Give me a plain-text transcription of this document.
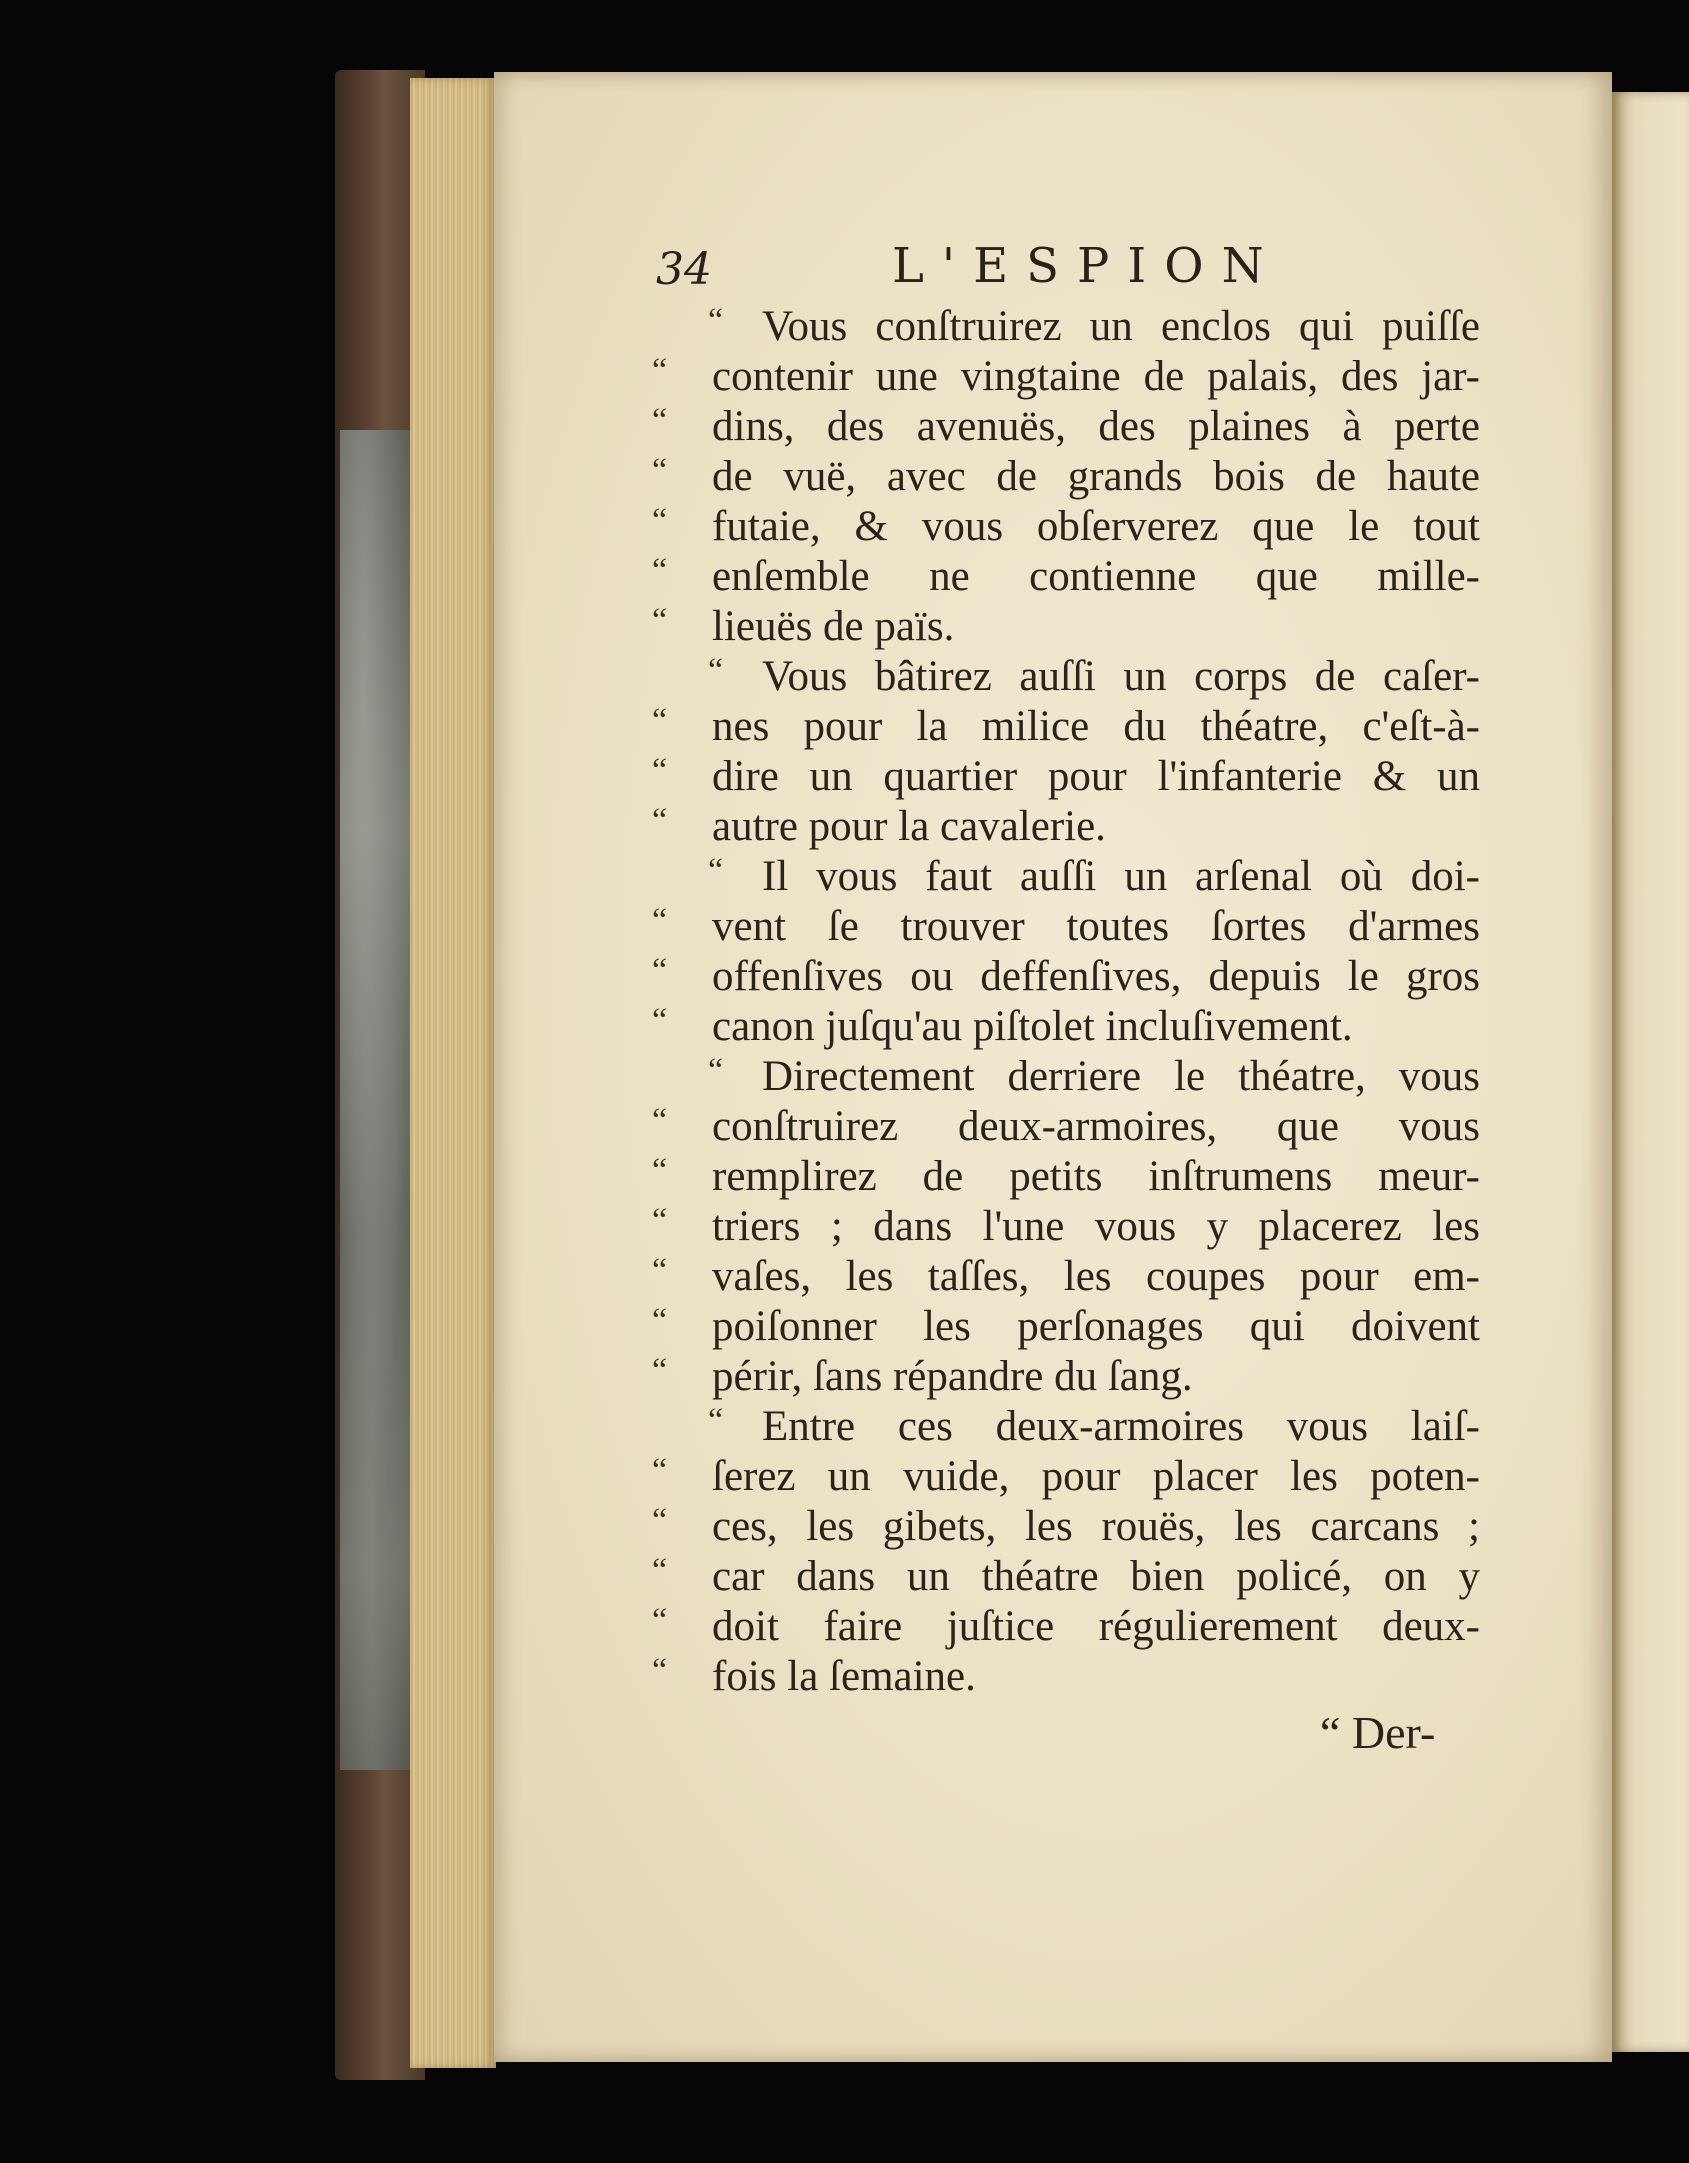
34	L'ESPION
“ Vous conſtruirez un enclos qui puiſſe
“ contenir une vingtaine de palais, des jar-
“ dins, des avenuës, des plaines à perte
“ de vuë, avec de grands bois de haute
“ futaie, & vous obſerverez que le tout
“ enſemble ne contienne que mille-
“ lieuës de païs.
“ Vous bâtirez auſſi un corps de caſer-
“ nes pour la milice du théatre, c'eſt-à-
“ dire un quartier pour l'infanterie & un
“ autre pour la cavalerie.
“ Il vous faut auſſi un arſenal où doi-
“ vent ſe trouver toutes ſortes d'armes
“ offenſives ou deffenſives, depuis le gros
“ canon juſqu'au piſtolet incluſivement.
“ Directement derriere le théatre, vous
“ conſtruirez deux-armoires, que vous
“ remplirez de petits inſtrumens meur-
“ triers ; dans l'une vous y placerez les
“ vaſes, les taſſes, les coupes pour em-
“ poiſonner les perſonages qui doivent
“ périr, ſans répandre du ſang.
“ Entre ces deux-armoires vous laiſ-
“ ſerez un vuide, pour placer les poten-
“ ces, les gibets, les rouës, les carcans ;
“ car dans un théatre bien policé, on y
“ doit faire juſtice régulierement deux-
“ fois la ſemaine.
“ Der-
